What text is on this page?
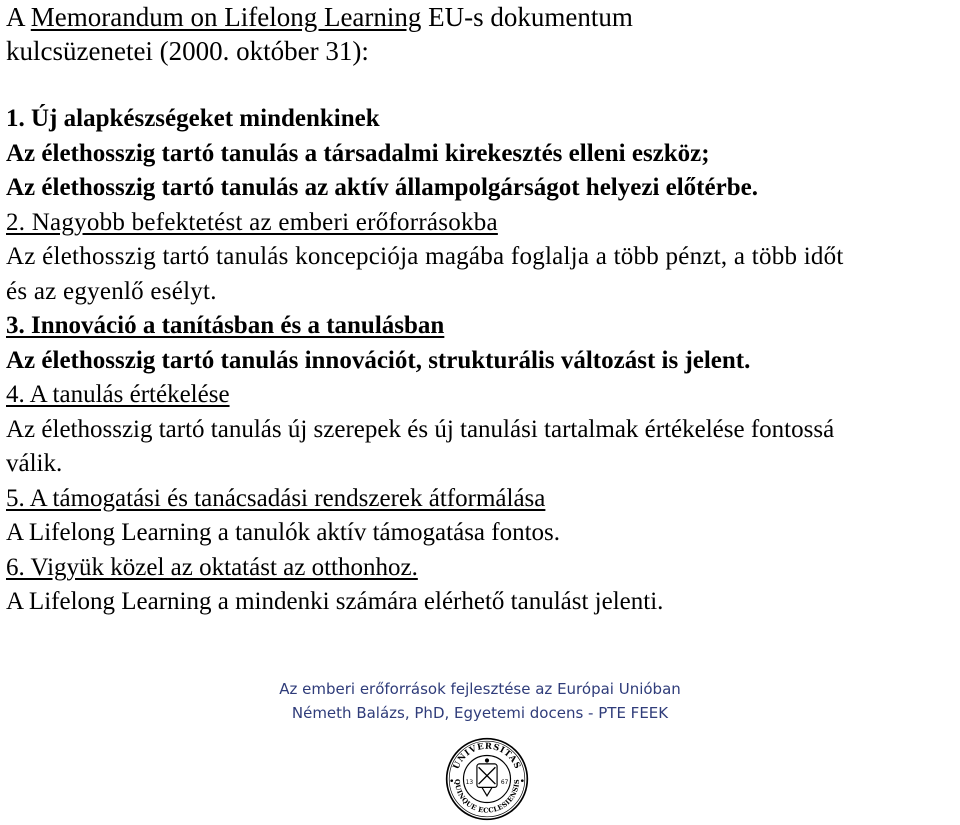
A Memorandum on Lifelong Learning EU-s dokumentum

kulcsüzenetei (2000. október 31):

1. Új alapkészségeket mindenkinek

Az élethosszig tartó tanulás a társadalmi kirekesztés elleni eszköz;

Az élethosszig tartó tanulás az aktív állampolgárságot helyezi előtérbe.

2. Nagyobb befektetést az emberi erőforrásokba

Az élethosszig tartó tanulás koncepciója magába foglalja a több pénzt, a több időt

és az egyenlő esélyt.

3. Innováció a tanításban és a tanulásban

Az élethosszig tartó tanulás innovációt, strukturális változást is jelent.

4. A tanulás értékelése

Az élethosszig tartó tanulás új szerepek és új tanulási tartalmak értékelése fontossá

válik.

5. A támogatási és tanácsadási rendszerek átformálása

A Lifelong Learning a tanulók aktív támogatása fontos.

6. Vigyük közel az oktatást az otthonhoz.

A Lifelong Learning a mindenki számára elérhető tanulást jelenti.

Az emberi erőforrások fejlesztése az Európai Unióban
Németh Balázs, PhD, Egyetemi docens - PTE FEEK
UNIVERSITAS
QUINQUE ECCLESIENSIS
13	67
